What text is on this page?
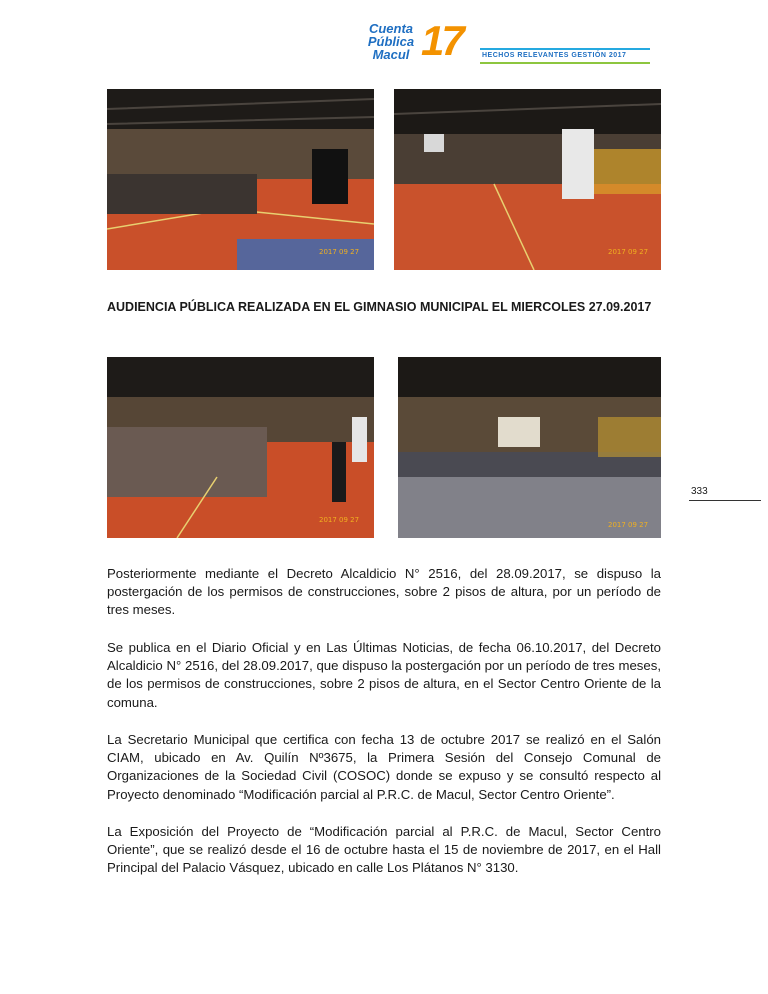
Cuenta
Pública
Macul 17	HECHOS RELEVANTES GESTIÓN 2017
2017 09 27	2017 09 27
AUDIENCIA PÚBLICA REALIZADA EN EL GIMNASIO MUNICIPAL EL MIERCOLES 27.09.2017
2017 09 27
2017 09 27
333

Posteriormente mediante el Decreto Alcaldicio N° 2516, del 28.09.2017, se dispuso la postergación de los permisos de construcciones, sobre 2 pisos de altura, por un período de tres meses.

Se publica en el Diario Oficial y en Las Últimas Noticias, de fecha 06.10.2017, del Decreto Alcaldicio N° 2516, del 28.09.2017, que dispuso la postergación por un período de tres meses, de los permisos de construcciones, sobre 2 pisos de altura, en el Sector Centro Oriente de la comuna.

La Secretario Municipal que certifica con fecha 13 de octubre 2017 se realizó en el Salón CIAM, ubicado en Av. Quilín Nº3675, la Primera Sesión del Consejo Comunal de Organizaciones de la Sociedad Civil (COSOC) donde se expuso y se consultó respecto al Proyecto denominado “Modificación parcial al P.R.C. de Macul, Sector Centro Oriente”.

La Exposición del Proyecto de “Modificación parcial al P.R.C. de Macul, Sector Centro Oriente”, que se realizó desde el 16 de octubre hasta el 15 de noviembre de 2017, en el Hall Principal del Palacio Vásquez, ubicado en calle Los Plátanos N° 3130.
